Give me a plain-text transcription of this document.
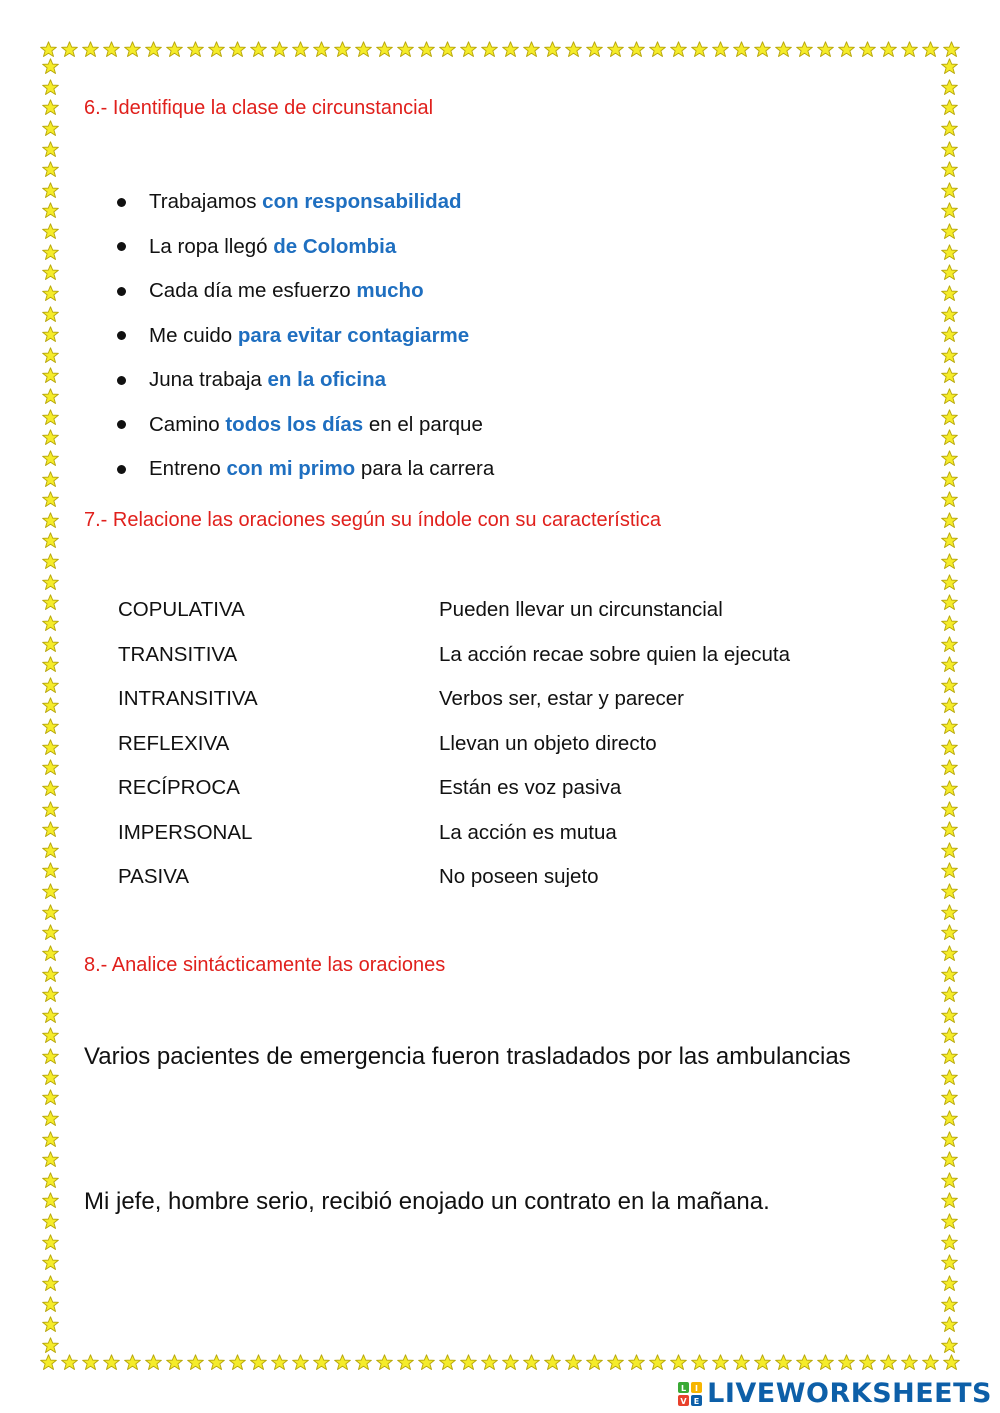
6.- Identifique la clase de circunstancial

Trabajamos con responsabilidad
La ropa llegó de Colombia
Cada día me esfuerzo mucho
Me cuido para evitar contagiarme
Juna trabaja en la oficina
Camino todos los días en el parque
Entreno con mi primo para la carrera

7.- Relacione las oraciones según su índole con su característica

COPULATIVA	Pueden llevar un circunstancial
TRANSITIVA	La acción recae sobre quien la ejecuta
INTRANSITIVA	Verbos ser, estar y parecer
REFLEXIVA	Llevan un objeto directo
RECÍPROCA	Están es voz pasiva
IMPERSONAL	La acción es mutua
PASIVA	No poseen sujeto

8.- Analice sintácticamente las oraciones

Varios pacientes de emergencia fueron trasladados por las ambulancias

Mi jefe, hombre serio, recibió enojado un contrato en la mañana.

L I
V E LIVEWORKSHEETS
